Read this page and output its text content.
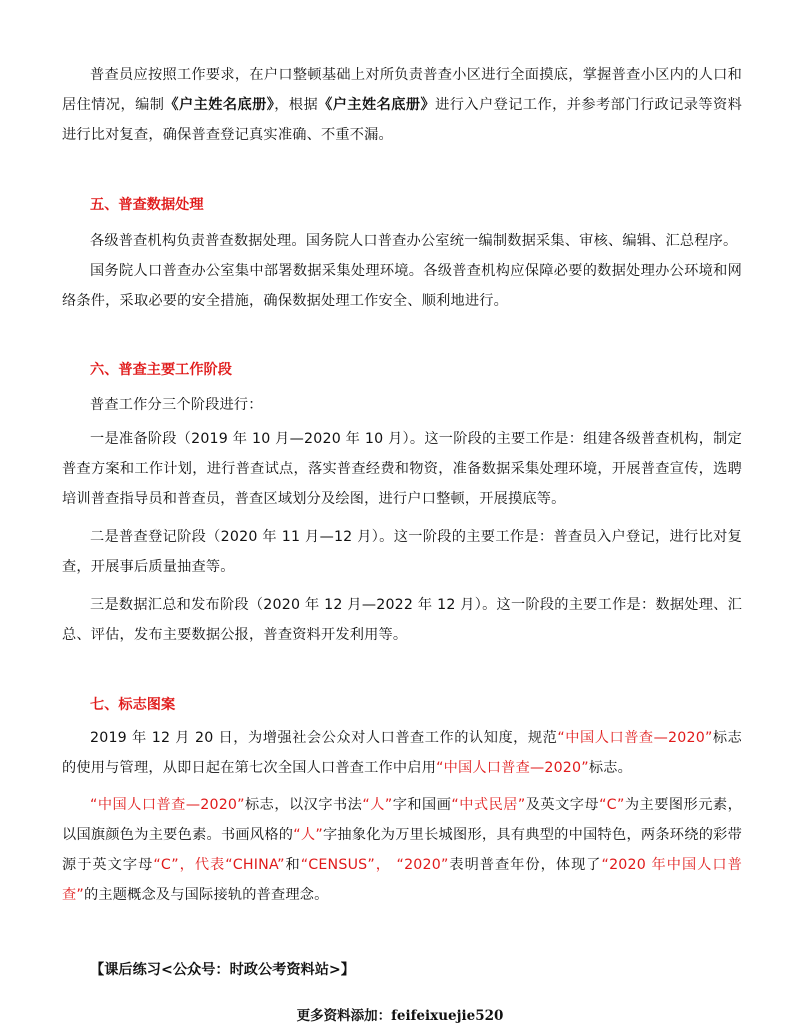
普查员应按照工作要求，在户口整顿基础上对所负责普查小区进行全面摸底，掌握普查小区内的人口和居住情况，编制《户主姓名底册》，根据《户主姓名底册》进行入户登记工作，并参考部门行政记录等资料进行比对复查，确保普查登记真实准确、不重不漏。

五、普查数据处理

各级普查机构负责普查数据处理。国务院人口普查办公室统一编制数据采集、审核、编辑、汇总程序。

国务院人口普查办公室集中部署数据采集处理环境。各级普查机构应保障必要的数据处理办公环境和网络条件，采取必要的安全措施，确保数据处理工作安全、顺利地进行。

六、普查主要工作阶段

普查工作分三个阶段进行：

一是准备阶段（2019 年 10 月—2020 年 10 月）。这一阶段的主要工作是：组建各级普查机构，制定普查方案和工作计划，进行普查试点，落实普查经费和物资，准备数据采集处理环境，开展普查宣传，选聘培训普查指导员和普查员，普查区域划分及绘图，进行户口整顿，开展摸底等。

二是普查登记阶段（2020 年 11 月—12 月）。这一阶段的主要工作是：普查员入户登记，进行比对复查，开展事后质量抽查等。

三是数据汇总和发布阶段（2020 年 12 月—2022 年 12 月）。这一阶段的主要工作是：数据处理、汇总、评估，发布主要数据公报，普查资料开发利用等。

七、标志图案

2019 年 12 月 20 日，为增强社会公众对人口普查工作的认知度，规范“中国人口普查—2020”标志的使用与管理，从即日起在第七次全国人口普查工作中启用“中国人口普查—2020”标志。

“中国人口普查—2020”标志，以汉字书法“人”字和国画“中式民居”及英文字母“C”为主要图形元素，以国旗颜色为主要色素。书画风格的“人”字抽象化为万里长城图形，具有典型的中国特色，两条环绕的彩带源于英文字母“C”，代表“CHINA”和“CENSUS”， “2020”表明普查年份，体现了“2020 年中国人口普查”的主题概念及与国际接轨的普查理念。

【课后练习<公众号：时政公考资料站>】

更多资料添加：feifeixuejie520
